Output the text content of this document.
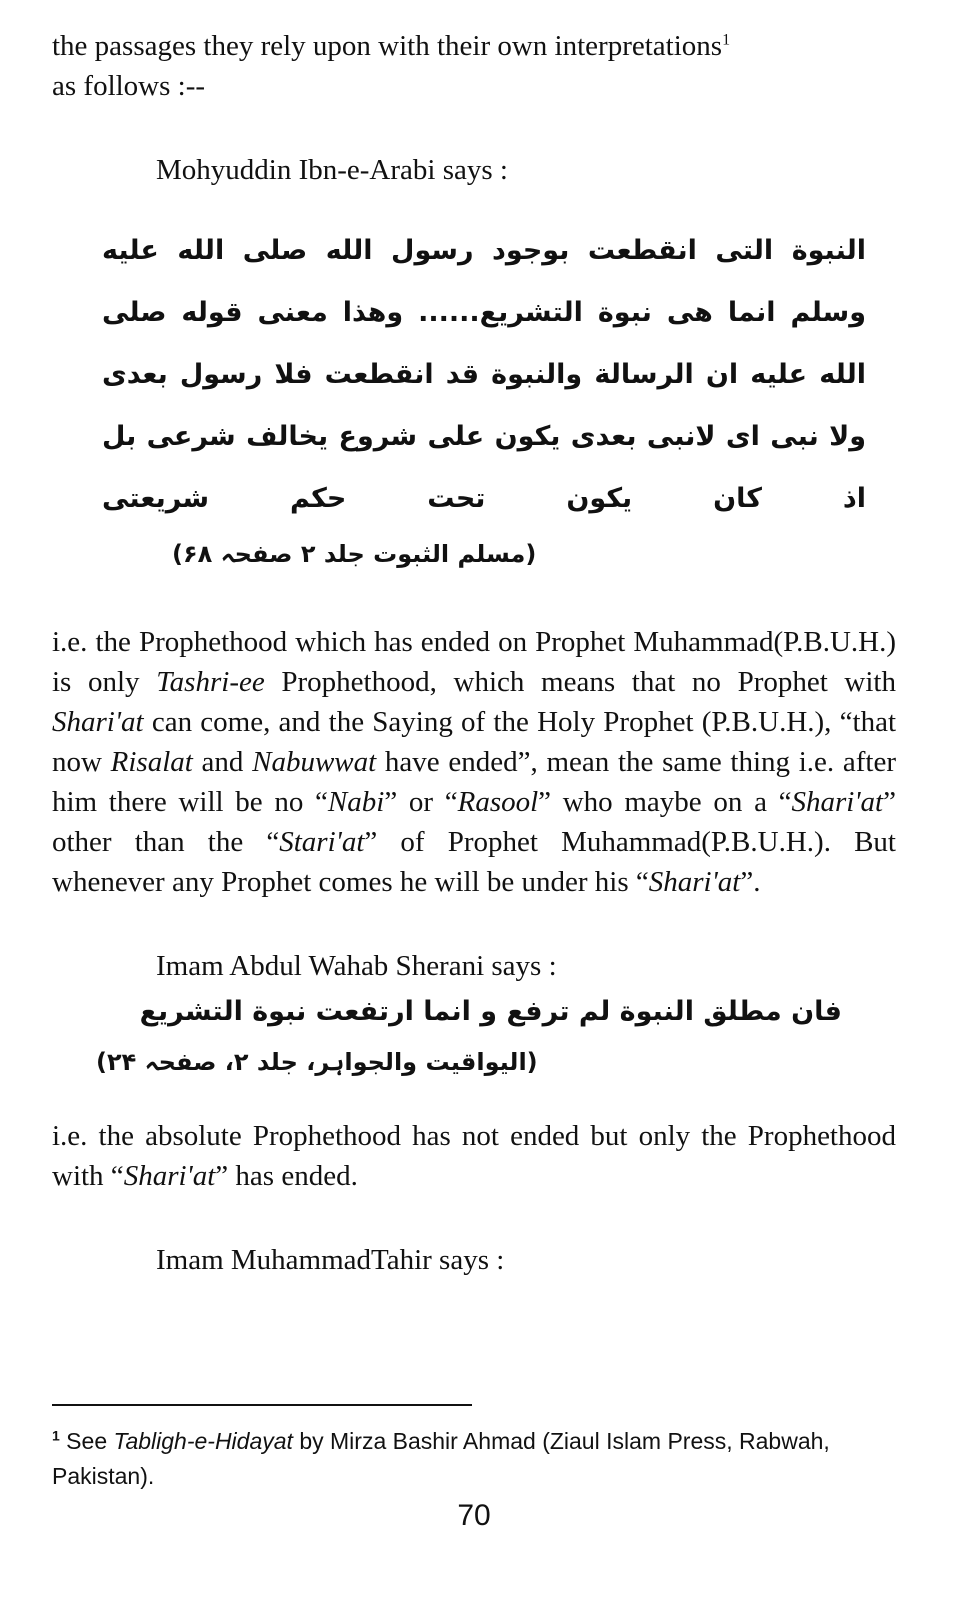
the passages they rely upon with their own interpretations$^1$
as follows :--

Mohyuddin Ibn-e-Arabi says :

النبوة التى انقطعت بوجود رسول الله صلى الله عليه وسلم انما هى نبوة التشريع...... وهذا معنى قوله صلى الله عليه ان الرسالة والنبوة قد انقطعت فلا رسول بعدى ولا نبى اى لانبى بعدى يكون على شروع يخالف شرعى بل اذ كان يكون تحت حكم شريعتى

(مسلم الثبوت جلد ۲ صفحہ ۶۸)

i.e. the Prophethood which has ended on Prophet Muhammad(P.B.U.H.) is only Tashri-ee Prophethood, which means that no Prophet with Shari'at can come, and the Saying of the Holy Prophet (P.B.U.H.), “that now Risalat and Nabuwwat have ended”, mean the same thing i.e. after him there will be no “Nabi” or “Rasool” who maybe on a “Shari'at” other than the “Stari'at” of Prophet Muhammad(P.B.U.H.). But whenever any Prophet comes he will be under his “Shari'at”.

Imam Abdul Wahab Sherani says :

فان مطلق النبوة لم ترفع و انما ارتفعت نبوة التشريع

(الیواقیت والجواہر، جلد ۲، صفحہ ۲۴)

i.e. the absolute Prophethood has not ended but only the Prophethood with “Shari'at” has ended.

Imam MuhammadTahir says :

$^1$ See Tabligh-e-Hidayat by Mirza Bashir Ahmad (Ziaul Islam Press, Rabwah, Pakistan).

70
